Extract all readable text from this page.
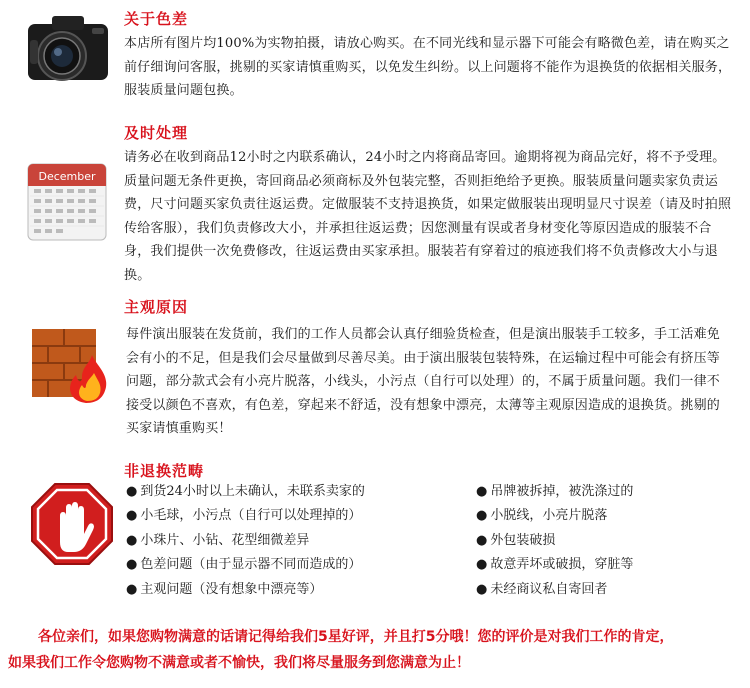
关于色差
本店所有图片均100%为实物拍摄，请放心购买。在不同光线和显示器下可能会有略微色差，请在购买之前仔细询问客服，挑剔的买家请慎重购买，以免发生纠纷。以上问题将不能作为退换货的依据相关服务，服装质量问题包换。
December
及时处理
请务必在收到商品12小时之内联系确认，24小时之内将商品寄回。逾期将视为商品完好，将不予受理。质量问题无条件更换，寄回商品必须商标及外包装完整，否则拒绝给予更换。服装质量问题卖家负责运费，尺寸问题买家负责往返运费。定做服装不支持退换货，如果定做服装出现明显尺寸误差（请及时拍照传给客服），我们负责修改大小，并承担往返运费；因您测量有误或者身材变化等原因造成的服装不合身，我们提供一次免费修改，往返运费由买家承担。服装若有穿着过的痕迹我们将不负责修改大小与退换。
主观原因
每件演出服装在发货前，我们的工作人员都会认真仔细验货检查，但是演出服装手工较多，手工活难免会有小的不足，但是我们会尽量做到尽善尽美。由于演出服装包装特殊，在运输过程中可能会有挤压等问题，部分款式会有小亮片脱落，小线头，小污点（自行可以处理）的，不属于质量问题。我们一律不接受以颜色不喜欢，有色差，穿起来不舒适，没有想象中漂亮，太薄等主观原因造成的退换货。挑剔的买家请慎重购买！
非退换范畴
● 到货24小时以上未确认，未联系卖家的
● 小毛球，小污点（自行可以处理掉的）
● 小珠片、小钻、花型细微差异
● 色差问题（由于显示器不同而造成的）
● 主观问题（没有想象中漂亮等）
● 吊牌被拆掉，被洗涤过的
● 小脱线，小亮片脱落
● 外包装破损
● 故意弄坏或破损，穿脏等
● 未经商议私自寄回者
各位亲们，如果您购物满意的话请记得给我们5星好评，并且打5分哦！您的评价是对我们工作的肯定，
如果我们工作令您购物不满意或者不愉快，我们将尽量服务到您满意为止！
